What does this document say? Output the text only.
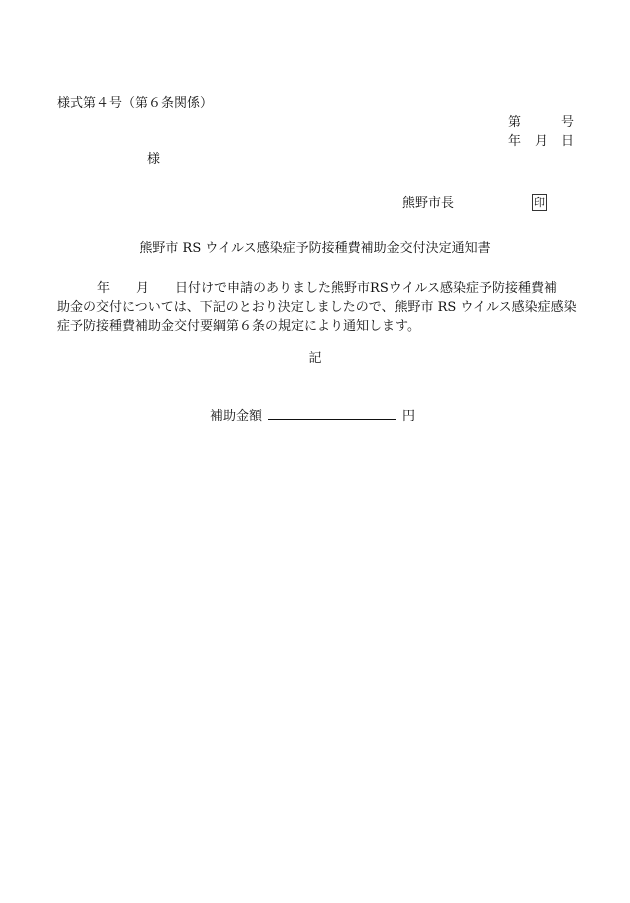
様式第４号（第６条関係）
第	号
年 月 日
様
熊野市長	印
熊野市 RS ウイルス感染症予防接種費補助金交付決定通知書
年 月 日付けで申請のありました熊野市RSウイルス感染症予防接種費補
助金の交付については、下記のとおり決定しましたので、熊野市 RS ウイルス感染症感染
症予防接種費補助金交付要綱第６条の規定により通知します。
記
補助金額	円
